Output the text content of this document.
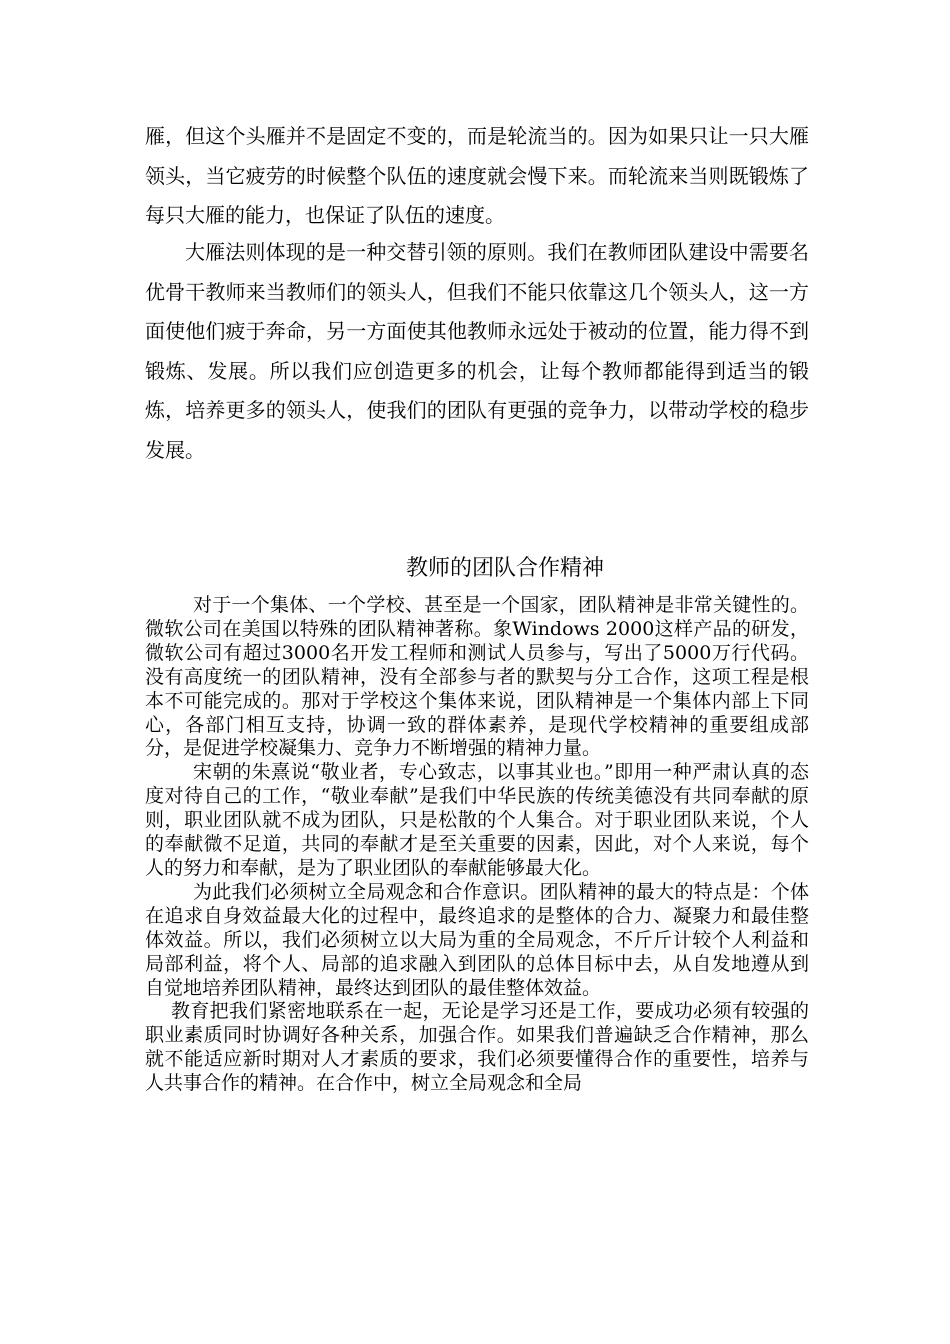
雁，但这个头雁并不是固定不变的，而是轮流当的。因为如果只让一只大雁领头，当它疲劳的时候整个队伍的速度就会慢下来。而轮流来当则既锻炼了每只大雁的能力，也保证了队伍的速度。

大雁法则体现的是一种交替引领的原则。我们在教师团队建设中需要名优骨干教师来当教师们的领头人，但我们不能只依靠这几个领头人，这一方面使他们疲于奔命，另一方面使其他教师永远处于被动的位置，能力得不到锻炼、发展。所以我们应创造更多的机会，让每个教师都能得到适当的锻炼，培养更多的领头人，使我们的团队有更强的竞争力，以带动学校的稳步发展。

教师的团队合作精神

对于一个集体、一个学校、甚至是一个国家，团队精神是非常关键性的。微软公司在美国以特殊的团队精神著称。象Windows 2000这样产品的研发，微软公司有超过3000名开发工程师和测试人员参与，写出了5000万行代码。没有高度统一的团队精神，没有全部参与者的默契与分工合作，这项工程是根本不可能完成的。那对于学校这个集体来说，团队精神是一个集体内部上下同心，各部门相互支持，协调一致的群体素养，是现代学校精神的重要组成部分，是促进学校凝集力、竞争力不断增强的精神力量。

宋朝的朱熹说“敬业者，专心致志，以事其业也。”即用一种严肃认真的态度对待自己的工作，“敬业奉献”是我们中华民族的传统美德没有共同奉献的原则，职业团队就不成为团队，只是松散的个人集合。对于职业团队来说，个人的奉献微不足道，共同的奉献才是至关重要的因素，因此，对个人来说，每个人的努力和奉献，是为了职业团队的奉献能够最大化。

为此我们必须树立全局观念和合作意识。团队精神的最大的特点是：个体在追求自身效益最大化的过程中，最终追求的是整体的合力、凝聚力和最佳整体效益。所以，我们必须树立以大局为重的全局观念，不斤斤计较个人利益和局部利益，将个人、局部的追求融入到团队的总体目标中去，从自发地遵从到自觉地培养团队精神，最终达到团队的最佳整体效益。

教育把我们紧密地联系在一起，无论是学习还是工作，要成功必须有较强的职业素质同时协调好各种关系，加强合作。如果我们普遍缺乏合作精神，那么就不能适应新时期对人才素质的要求，我们必须要懂得合作的重要性，培养与人共事合作的精神。在合作中，树立全局观念和全局
